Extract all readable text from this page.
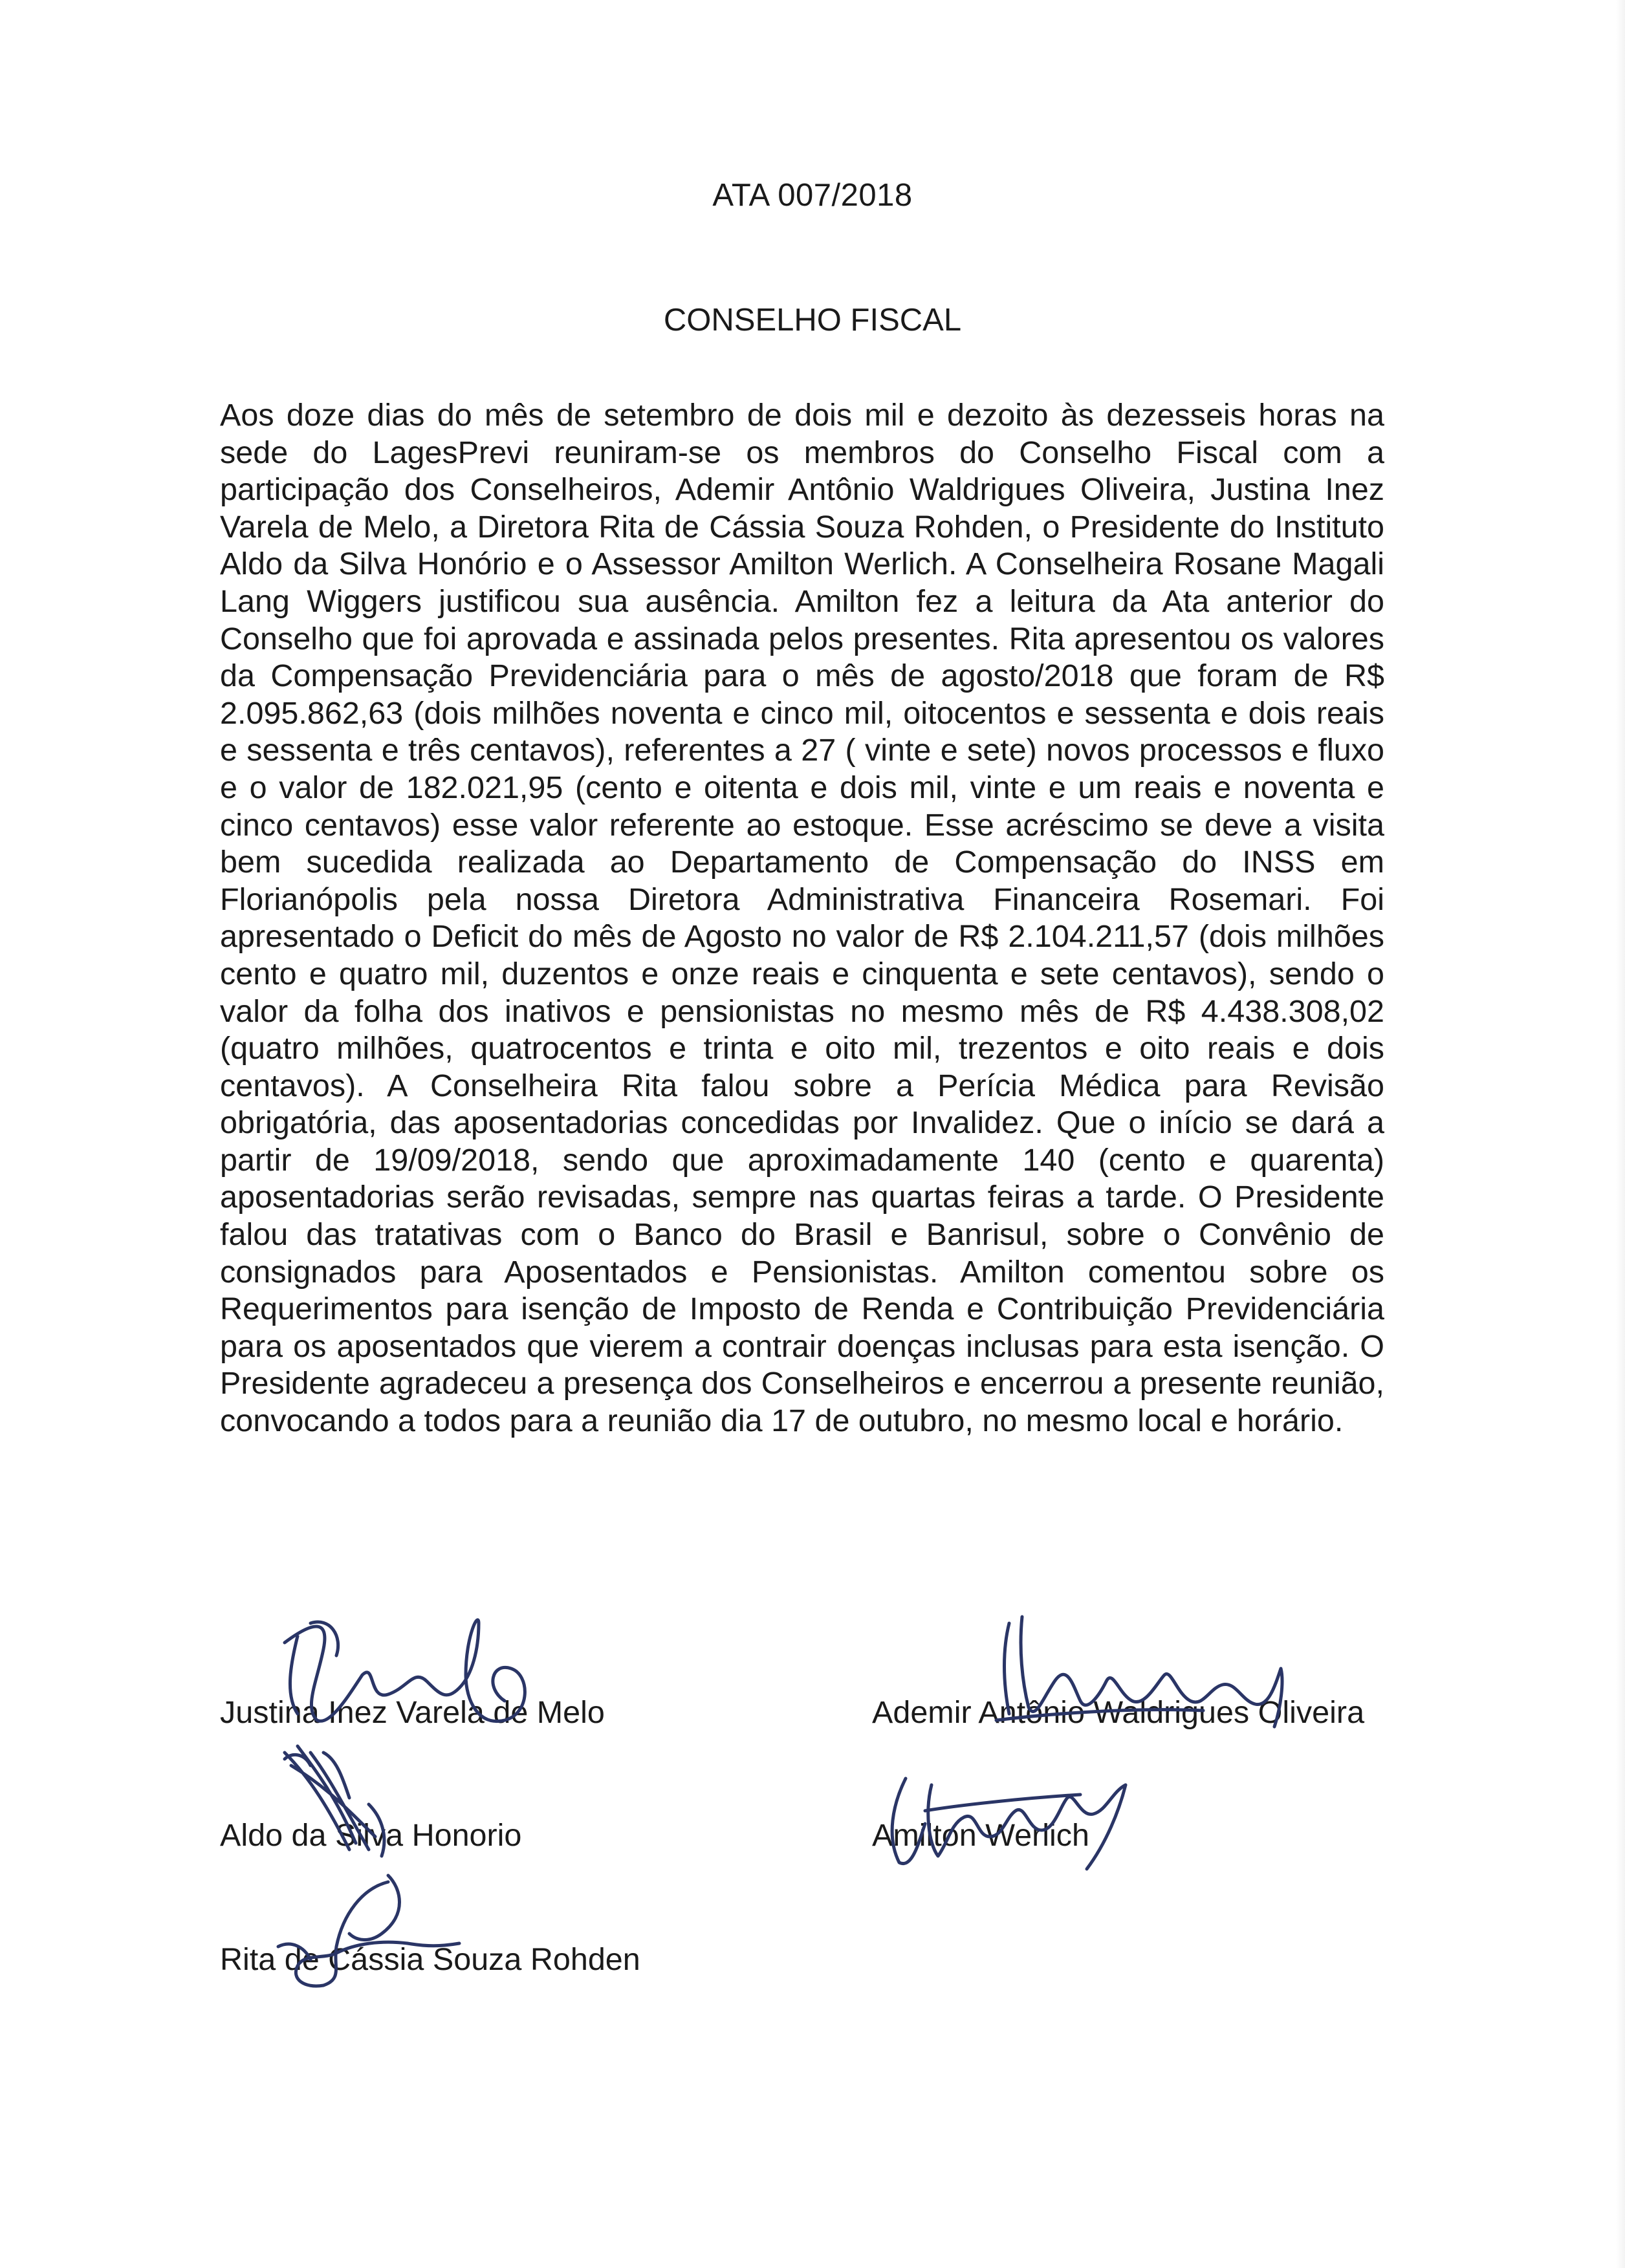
ATA 007/2018
CONSELHO FISCAL

Aos doze dias do mês de setembro de dois mil e dezoito às dezesseis horas na sede do LagesPrevi reuniram-se os membros do Conselho Fiscal com a participação dos Conselheiros, Ademir Antônio Waldrigues Oliveira, Justina Inez Varela de Melo, a Diretora Rita de Cássia Souza Rohden, o Presidente do Instituto Aldo da Silva Honório e o Assessor Amilton Werlich. A Conselheira Rosane Magali Lang Wiggers justificou sua ausência. Amilton fez a leitura da Ata anterior do Conselho que foi aprovada e assinada pelos presentes. Rita apresentou os valores da Compensação Previdenciária para o mês de agosto/2018 que foram de R$ 2.095.862,63 (dois milhões noventa e cinco mil, oitocentos e sessenta e dois reais e sessenta e três centavos), referentes a 27 ( vinte e sete) novos processos e fluxo e o valor de 182.021,95 (cento e oitenta e dois mil, vinte e um reais e noventa e cinco centavos) esse valor referente ao estoque. Esse acréscimo se deve a visita bem sucedida realizada ao Departamento de Compensação do INSS em Florianópolis pela nossa Diretora Administrativa Financeira Rosemari. Foi apresentado o Deficit do mês de Agosto no valor de R$ 2.104.211,57 (dois milhões cento e quatro mil, duzentos e onze reais e cinquenta e sete centavos), sendo o valor da folha dos inativos e pensionistas no mesmo mês de R$ 4.438.308,02 (quatro milhões, quatrocentos e trinta e oito mil, trezentos e oito reais e dois centavos). A Conselheira Rita falou sobre a Perícia Médica para Revisão obrigatória, das aposentadorias concedidas por Invalidez. Que o início se dará a partir de 19/09/2018, sendo que aproximadamente 140 (cento e quarenta) aposentadorias serão revisadas, sempre nas quartas feiras a tarde. O Presidente falou das tratativas com o Banco do Brasil e Banrisul, sobre o Convênio de consignados para Aposentados e Pensionistas. Amilton comentou sobre os Requerimentos para isenção de Imposto de Renda e Contribuição Previdenciária para os aposentados que vierem a contrair doenças inclusas para esta isenção. O Presidente agradeceu a presença dos Conselheiros e encerrou a presente reunião, convocando a todos para a reunião dia 17 de outubro, no mesmo local e horário.

Justina Inez Varela de Melo	Ademir Antônio Waldrigues Oliveira
Aldo da Silva Honorio	Amilton Werlich
Rita de Cássia Souza Rohden
